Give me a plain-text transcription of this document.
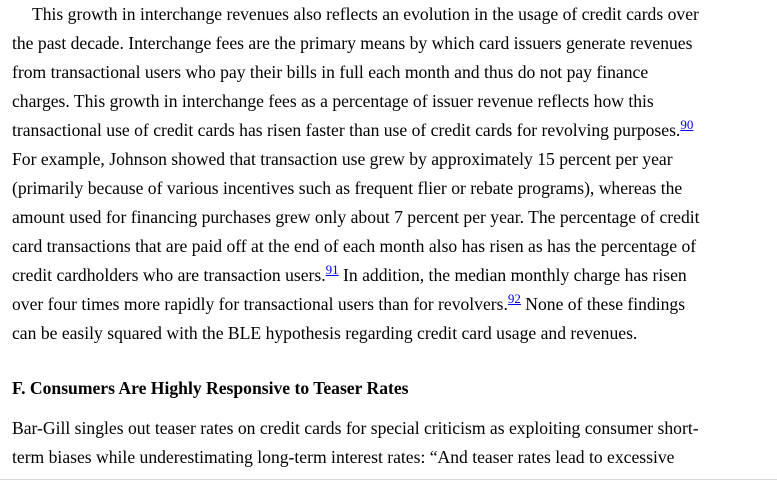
This growth in interchange revenues also reflects an evolution in the usage of credit cards over
the past decade. Interchange fees are the primary means by which card issuers generate revenues
from transactional users who pay their bills in full each month and thus do not pay finance
charges. This growth in interchange fees as a percentage of issuer revenue reflects how this
transactional use of credit cards has risen faster than use of credit cards for revolving purposes.$^{90}$
For example, Johnson showed that transaction use grew by approximately 15 percent per year
(primarily because of various incentives such as frequent flier or rebate programs), whereas the
amount used for financing purchases grew only about 7 percent per year. The percentage of credit
card transactions that are paid off at the end of each month also has risen as has the percentage of
credit cardholders who are transaction users.$^{91}$ In addition, the median monthly charge has risen
over four times more rapidly for transactional users than for revolvers.$^{92}$ None of these findings
can be easily squared with the BLE hypothesis regarding credit card usage and revenues.
F. Consumers Are Highly Responsive to Teaser Rates
Bar-Gill singles out teaser rates on credit cards for special criticism as exploiting consumer short-
term biases while underestimating long-term interest rates: “And teaser rates lead to excessive
